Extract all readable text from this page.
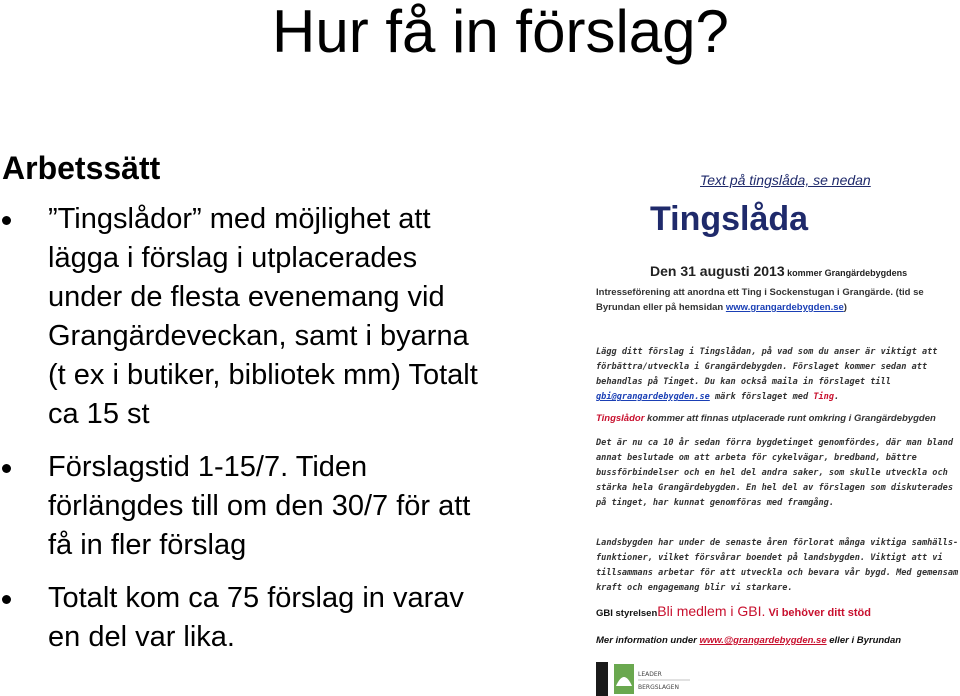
Hur få in förslag?
Arbetssätt
”Tingslådor” med möjlighet att lägga i förslag i utplacerades under de flesta evenemang vid Grangärdeveckan, samt i byarna (t ex i butiker, bibliotek mm) Totalt ca 15 st
Förslagstid 1-15/7. Tiden förlängdes till om den 30/7 för att få in fler förslag
Totalt kom ca 75 förslag in varav en del var lika.
Text på tingslåda, se nedan
Tingslåda
Den 31 augusti 2013 kommer Grangärdebygdens
Intresseförening att anordna ett Ting i Sockenstugan i Grangärde. (tid se Byrundan eller på hemsidan www.grangardebygden.se)
Lägg ditt förslag i Tingslådan, på vad som du anser är viktigt att förbättra/utveckla i Grangärdebygden. Förslaget kommer sedan att behandlas på Tinget. Du kan också maila in förslaget till gbi@grangardebygden.se märk förslaget med Ting.
Tingslådor kommer att finnas utplacerade runt omkring i Grangärdebygden
Det är nu ca 10 år sedan förra bygdetinget genomfördes, där man bland annat beslutade om att arbeta för cykelvägar, bredband, bättre bussförbindelser och en hel del andra saker, som skulle utveckla och stärka hela Grangärdebygden. En hel del av förslagen som diskuterades på tinget, har kunnat genomföras med framgång.
Landsbygden har under de senaste åren förlorat många viktiga samhälls-funktioner, vilket försvårar boendet på landsbygden. Viktigt att vi tillsammans arbetar för att utveckla och bevara vår bygd. Med gemensam kraft och engagemang blir vi starkare.
GBI styrelsenBli medlem i GBI. Vi behöver ditt stöd
Mer information under www.@grangardebygden.se eller i Byrundan
LEADER
BERGSLAGEN
